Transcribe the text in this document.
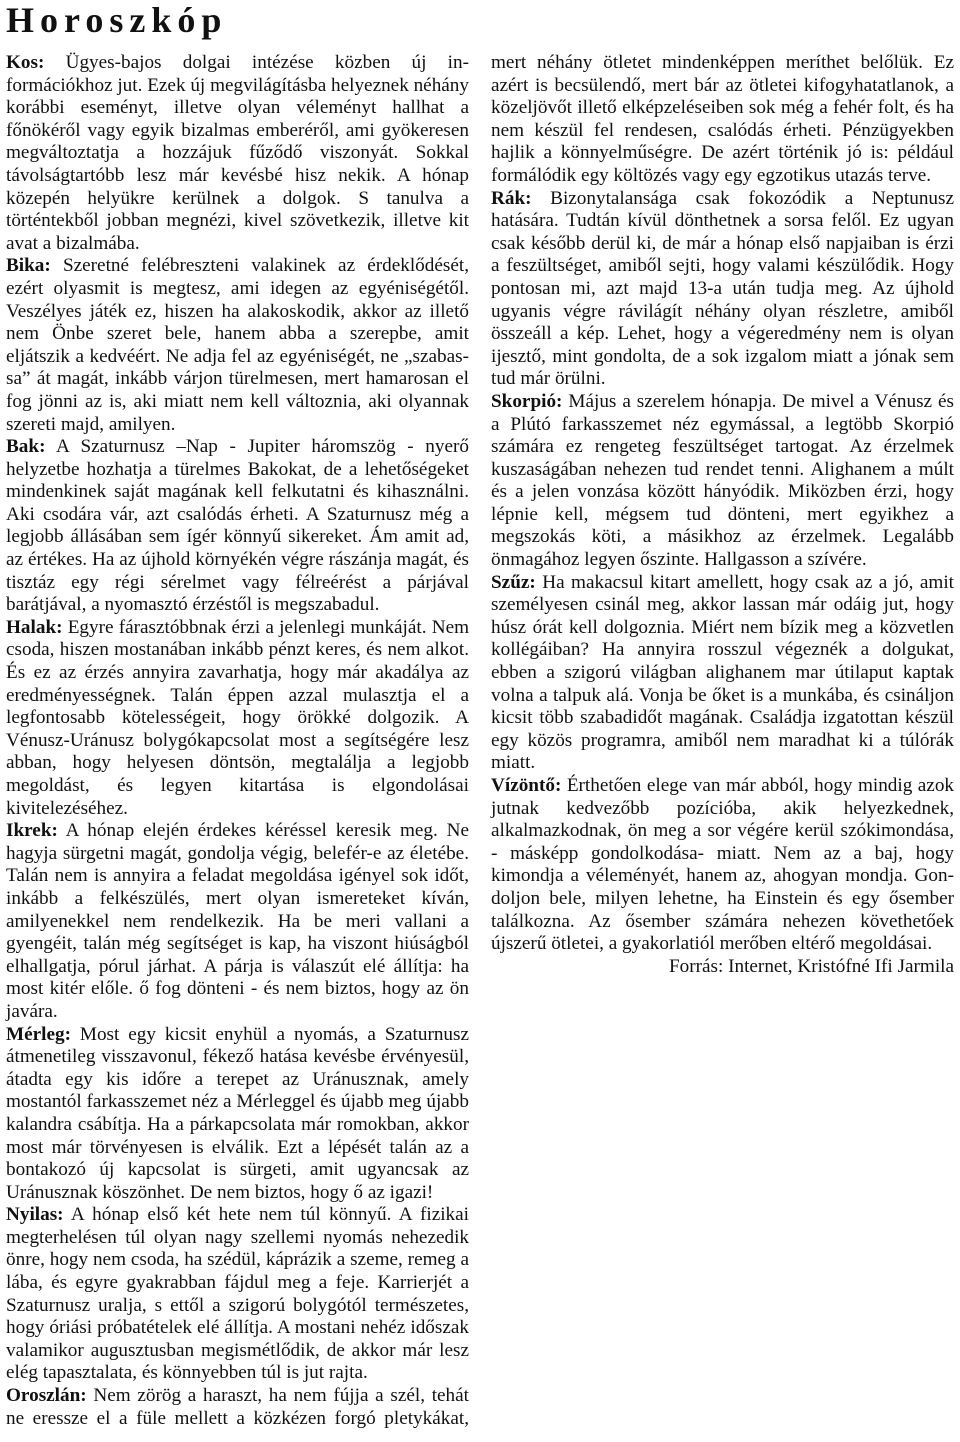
Horoszkóp

Kos: Ügyes-bajos dolgai intézése közben új információkhoz jut. Ezek új megvilágításba helyeznek néhány korábbi eseményt, illetve olyan véleményt hallhat a főnökéről vagy egyik bizalmas emberéről, ami gyökeresen megváltoztatja a hozzájuk fűződő viszonyát. Sokkal távolságtartóbb lesz már kevésbé hisz nekik. A hónap közepén helyükre kerülnek a dolgok. S tanulva a történtekből jobban megnézi, kivel szövetkezik, illetve kit avat a bizalmába.

Bika: Szeretné felébreszteni valakinek az érdeklődését, ezért olyasmit is megtesz, ami idegen az egyéniségétől. Veszélyes játék ez, hiszen ha alakoskodik, akkor az illető nem Önbe szeret bele, hanem abba a szerepbe, amit eljátszik a kedvéért. Ne adja fel az egyéniségét, ne „szabassa” át magát, inkább várjon türelmesen, mert hamarosan el fog jönni az is, aki miatt nem kell változnia, aki olyannak szereti majd, amilyen.

Bak: A Szaturnusz –Nap - Jupiter háromszög - nyerő helyzetbe hozhatja a türelmes Bakokat, de a lehetőségeket mindenkinek saját magának kell felkutatni és kihasználni. Aki csodára vár, azt csalódás érheti. A Szaturnusz még a legjobb állásában sem ígér könnyű sikereket. Ám amit ad, az értékes. Ha az újhold környékén végre rászánja magát, és tisztáz egy régi sérelmet vagy félreérést a párjával barátjával, a nyomasztó érzéstől is megszabadul.

Halak: Egyre fárasztóbbnak érzi a jelenlegi munkáját. Nem csoda, hiszen mostanában inkább pénzt keres, és nem alkot. És ez az érzés annyira zavarhatja, hogy már akadálya az eredményességnek. Talán éppen azzal mulasztja el a legfontosabb kötelességeit, hogy örökké dolgozik. A Vénusz-Uránusz bolygókapcsolat most a segítségére lesz abban, hogy helyesen döntsön, megtalálja a legjobb megoldást, és legyen kitartása is elgondolásai kivitelezéséhez.

Ikrek: A hónap elején érdekes kéréssel keresik meg. Ne hagyja sürgetni magát, gondolja végig, belefér-e az életébe. Talán nem is annyira a feladat megoldása igényel sok időt, inkább a felkészülés, mert olyan ismereteket kíván, amilyenekkel nem rendelkezik. Ha be meri vallani a gyengéit, talán még segítséget is kap, ha viszont hiúságból elhallgatja, pórul járhat. A párja is válaszút elé állítja: ha most kitér előle. ő fog dönteni - és nem biztos, hogy az ön javára.

Mérleg: Most egy kicsit enyhül a nyomás, a Szaturnusz átmenetileg visszavonul, fékező hatása kevésbe érvényesül, átadta egy kis időre a terepet az Uránusznak, amely mostantól farkasszemet néz a Mérleggel és újabb meg újabb kalandra csábítja. Ha a párkapcsolata már romokban, akkor most már törvényesen is elválik. Ezt a lépését talán az a bontakozó új kapcsolat is sürgeti, amit ugyancsak az Uránusznak köszönhet. De nem biztos, hogy ő az igazi!

Nyilas: A hónap első két hete nem túl könnyű. A fizikai megterhelésen túl olyan nagy szellemi nyomás nehezedik önre, hogy nem csoda, ha szédül, káprázik a szeme, remeg a lába, és egyre gyakrabban fájdul meg a feje. Karrierjét a Szaturnusz uralja, s ettől a szigorú bolygótól természetes, hogy óriási próbatételek elé állítja. A mostani nehéz időszak valamikor augusztusban megismétlődik, de akkor már lesz elég tapasztalata, és könnyebben túl is jut rajta.

Oroszlán: Nem zörög a haraszt, ha nem fújja a szél, tehát ne eressze el a füle mellett a közkézen forgó pletykákat, mert néhány ötletet mindenképpen meríthet belőlük. Ez azért is becsülendő, mert bár az ötletei kifogyhatatlanok, a közeljövőt illető elképzeléseiben sok még a fehér folt, és ha nem készül fel rendesen, csalódás érheti. Pénzügyekben hajlik a könnyelműségre. De azért történik jó is: például formálódik egy költözés vagy egy egzotikus utazás terve.

Rák: Bizonytalansága csak fokozódik a Neptunusz hatására. Tudtán kívül dönthetnek a sorsa felől. Ez ugyan csak később derül ki, de már a hónap első napjaiban is érzi a feszültséget, amiből sejti, hogy valami készülődik. Hogy pontosan mi, azt majd 13-a után tudja meg. Az újhold ugyanis végre rávilágít néhány olyan részletre, amiből összeáll a kép. Lehet, hogy a végeredmény nem is olyan ijesztő, mint gondolta, de a sok izgalom miatt a jónak sem tud már örülni.

Skorpió: Május a szerelem hónapja. De mivel a Vénusz és a Plútó farkasszemet néz egymással, a legtöbb Skorpió számára ez rengeteg feszültséget tartogat. Az érzelmek kuszaságában nehezen tud rendet tenni. Alighanem a múlt és a jelen vonzása között hányódik. Miközben érzi, hogy lépnie kell, mégsem tud dönteni, mert egyikhez a megszokás köti, a másikhoz az érzelmek. Legalább önmagához legyen őszinte. Hallgasson a szívére.

Szűz: Ha makacsul kitart amellett, hogy csak az a jó, amit személyesen csinál meg, akkor lassan már odáig jut, hogy húsz órát kell dolgoznia. Miért nem bízik meg a közvetlen kollégáiban? Ha annyira rosszul végeznék a dolgukat, ebben a szigorú világban alighanem mar útilaput kaptak volna a talpuk alá. Vonja be őket is a munkába, és csináljon kicsit több szabadidőt magának. Családja izgatottan készül egy közös programra, amiből nem maradhat ki a túlórák miatt.

Vízöntő: Érthetően elege van már abból, hogy mindig azok jutnak kedvezőbb pozícióba, akik helyezkednek, alkalmazkodnak, ön meg a sor végére kerül szókimondása, - másképp gondolkodása- miatt. Nem az a baj, hogy kimondja a véleményét, hanem az, ahogyan mondja. Gondoljon bele, milyen lehetne, ha Einstein és egy ősember találkozna. Az ősember számára nehezen követhetőek újszerű ötletei, a gyakorlatiól merőben eltérő megoldásai.

Forrás: Internet, Kristófné Ifi Jarmila
